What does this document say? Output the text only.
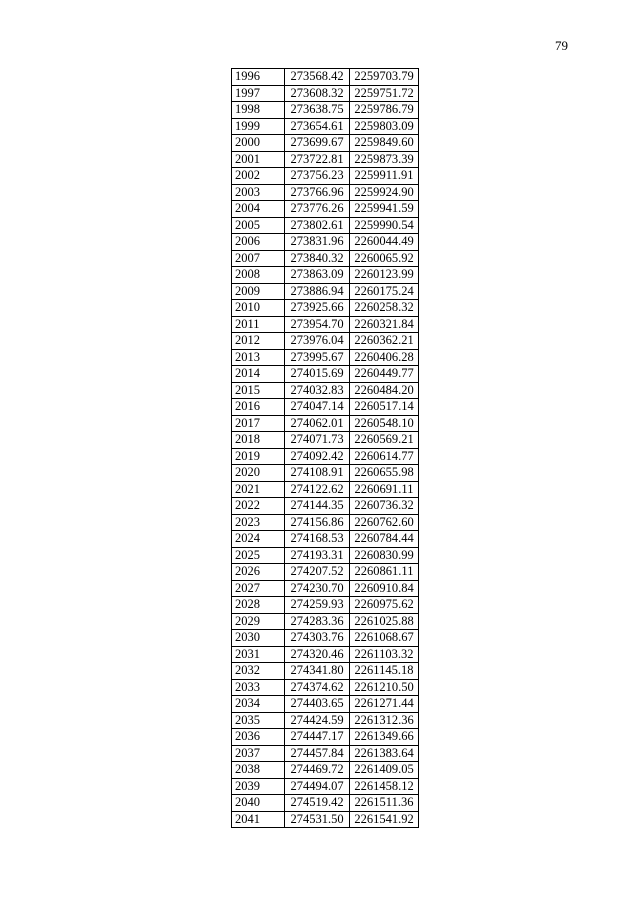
79
1996	273568.42	2259703.79
1997	273608.32	2259751.72
1998	273638.75	2259786.79
1999	273654.61	2259803.09
2000	273699.67	2259849.60
2001	273722.81	2259873.39
2002	273756.23	2259911.91
2003	273766.96	2259924.90
2004	273776.26	2259941.59
2005	273802.61	2259990.54
2006	273831.96	2260044.49
2007	273840.32	2260065.92
2008	273863.09	2260123.99
2009	273886.94	2260175.24
2010	273925.66	2260258.32
2011	273954.70	2260321.84
2012	273976.04	2260362.21
2013	273995.67	2260406.28
2014	274015.69	2260449.77
2015	274032.83	2260484.20
2016	274047.14	2260517.14
2017	274062.01	2260548.10
2018	274071.73	2260569.21
2019	274092.42	2260614.77
2020	274108.91	2260655.98
2021	274122.62	2260691.11
2022	274144.35	2260736.32
2023	274156.86	2260762.60
2024	274168.53	2260784.44
2025	274193.31	2260830.99
2026	274207.52	2260861.11
2027	274230.70	2260910.84
2028	274259.93	2260975.62
2029	274283.36	2261025.88
2030	274303.76	2261068.67
2031	274320.46	2261103.32
2032	274341.80	2261145.18
2033	274374.62	2261210.50
2034	274403.65	2261271.44
2035	274424.59	2261312.36
2036	274447.17	2261349.66
2037	274457.84	2261383.64
2038	274469.72	2261409.05
2039	274494.07	2261458.12
2040	274519.42	2261511.36
2041	274531.50	2261541.92
